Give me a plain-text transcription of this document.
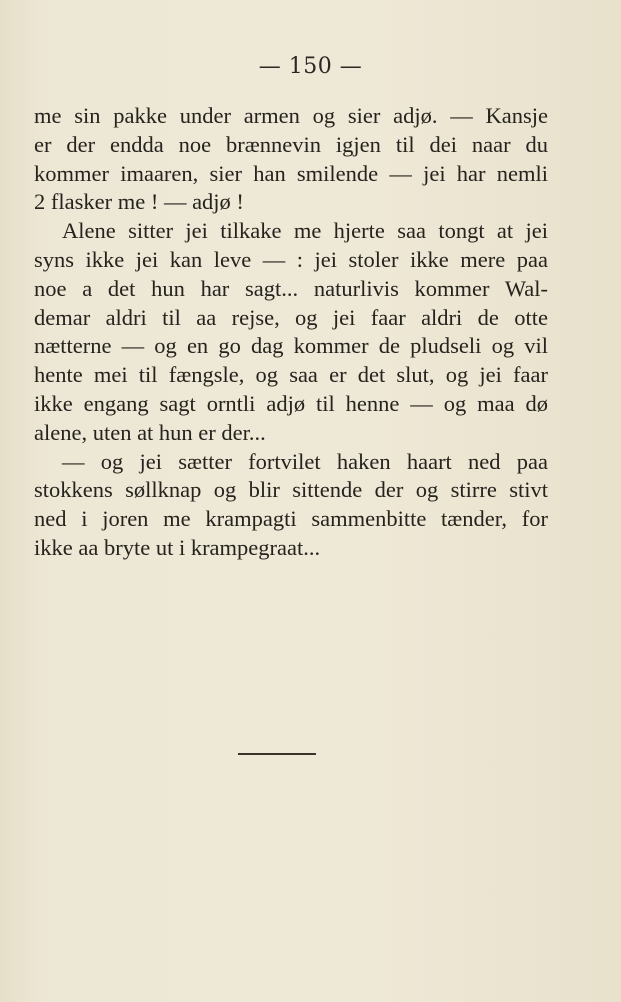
— 150 —
me sin pakke under armen og sier adjø. — Kansje
er der endda noe brænnevin igjen til dei naar du
kommer imaaren, sier han smilende — jei har nemli
2 flasker me ! — adjø !
Alene sitter jei tilkake me hjerte saa tongt at jei
syns ikke jei kan leve — : jei stoler ikke mere paa
noe a det hun har sagt... naturlivis kommer Wal-
demar aldri til aa rejse, og jei faar aldri de otte
nætterne — og en go dag kommer de pludseli og vil
hente mei til fængsle, og saa er det slut, og jei faar
ikke engang sagt orntli adjø til henne — og maa dø
alene, uten at hun er der...
— og jei sætter fortvilet haken haart ned paa
stokkens søllknap og blir sittende der og stirre stivt
ned i joren me krampagti sammenbitte tænder, for
ikke aa bryte ut i krampegraat...
